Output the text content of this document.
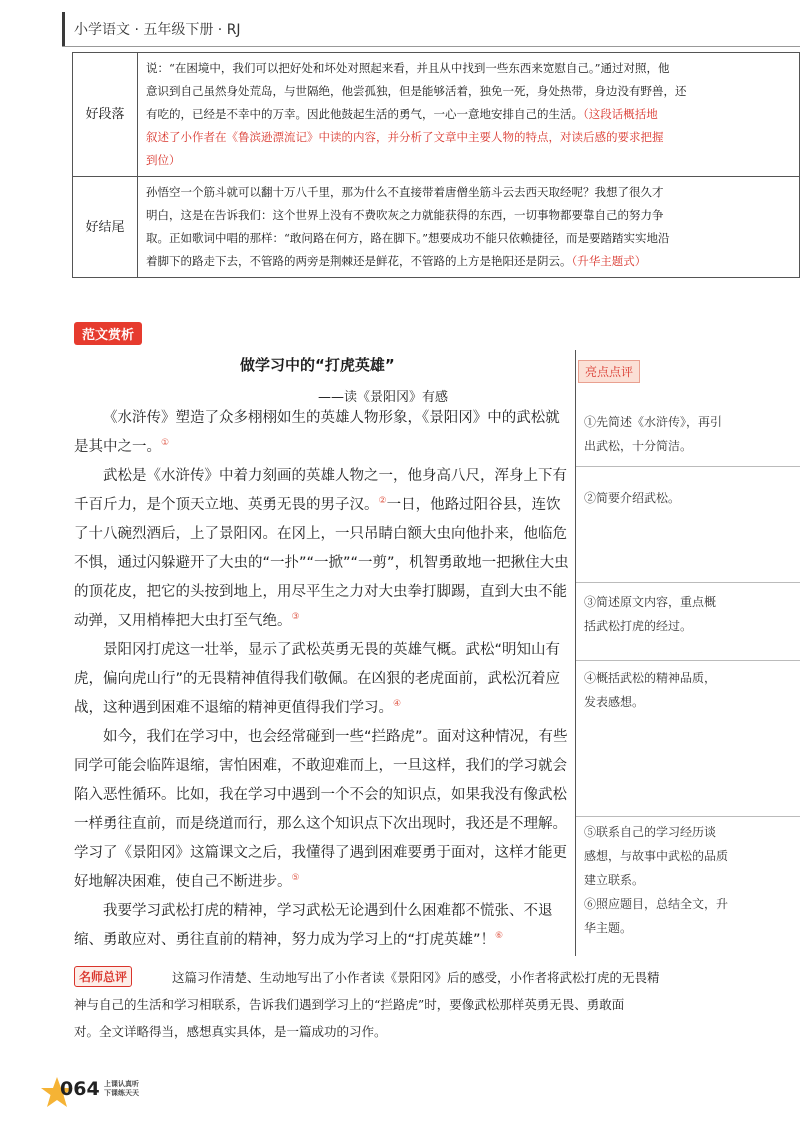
小学语文 · 五年级下册 · RJ
好段落	说：“在困境中，我们可以把好处和坏处对照起来看，并且从中找到一些东西来宽慰自己。”通过对照，他
意识到自己虽然身处荒岛，与世隔绝，他尝孤独，但是能够活着，独免一死，身处热带，身边没有野兽，还
有吃的，已经是不幸中的万幸。因此他鼓起生活的勇气，一心一意地安排自己的生活。（这段话概括地
叙述了小作者在《鲁滨逊漂流记》中读的内容，并分析了文章中主要人物的特点，对读后感的要求把握
到位）

好结尾	孙悟空一个筋斗就可以翻十万八千里，那为什么不直接带着唐僧坐筋斗云去西天取经呢？我想了很久才
明白，这是在告诉我们：这个世界上没有不费吹灰之力就能获得的东西，一切事物都要靠自己的努力争
取。正如歌词中唱的那样：“敢问路在何方，路在脚下。”想要成功不能只依赖捷径，而是要踏踏实实地沿
着脚下的路走下去，不管路的两旁是荆棘还是鲜花，不管路的上方是艳阳还是阴云。（升华主题式）
范文赏析
做学习中的“打虎英雄”
——读《景阳冈》有感

《水浒传》塑造了众多栩栩如生的英雄人物形象，《景阳冈》中的武松就是其中之一。①

武松是《水浒传》中着力刻画的英雄人物之一，他身高八尺，浑身上下有千百斤力，是个顶天立地、英勇无畏的男子汉。②一日，他路过阳谷县，连饮了十八碗烈酒后，上了景阳冈。在冈上，一只吊睛白额大虫向他扑来，他临危不惧，通过闪躲避开了大虫的“一扑”“一掀”“一剪”，机智勇敢地一把揪住大虫的顶花皮，把它的头按到地上，用尽平生之力对大虫拳打脚踢，直到大虫不能动弹，又用梢棒把大虫打至气绝。③

景阳冈打虎这一壮举，显示了武松英勇无畏的英雄气概。武松“明知山有虎，偏向虎山行”的无畏精神值得我们敬佩。在凶狠的老虎面前，武松沉着应战，这种遇到困难不退缩的精神更值得我们学习。④

如今，我们在学习中，也会经常碰到一些“拦路虎”。面对这种情况，有些同学可能会临阵退缩，害怕困难，不敢迎难而上，一旦这样，我们的学习就会陷入恶性循环。比如，我在学习中遇到一个不会的知识点，如果我没有像武松一样勇往直前，而是绕道而行，那么这个知识点下次出现时，我还是不理解。学习了《景阳冈》这篇课文之后，我懂得了遇到困难要勇于面对，这样才能更好地解决困难，使自己不断进步。⑤

我要学习武松打虎的精神，学习武松无论遇到什么困难都不慌张、不退缩、勇敢应对、勇往直前的精神，努力成为学习上的“打虎英雄”！⑥

亮点点评
①先简述《水浒传》，再引
出武松，十分简洁。
②简要介绍武松。
③简述原文内容，重点概
括武松打虎的经过。
④概括武松的精神品质，
发表感想。
⑤联系自己的学习经历谈
感想，与故事中武松的品质
建立联系。
⑥照应题目，总结全文，升
华主题。
这篇习作清楚、生动地写出了小作者读《景阳冈》后的感受，小作者将武松打虎的无畏精
神与自己的生活和学习相联系，告诉我们遇到学习上的“拦路虎”时，要像武松那样英勇无畏、勇敢面
对。全文详略得当，感想真实具体，是一篇成功的习作。
名师总评
064 上课认真听
下课练天天
